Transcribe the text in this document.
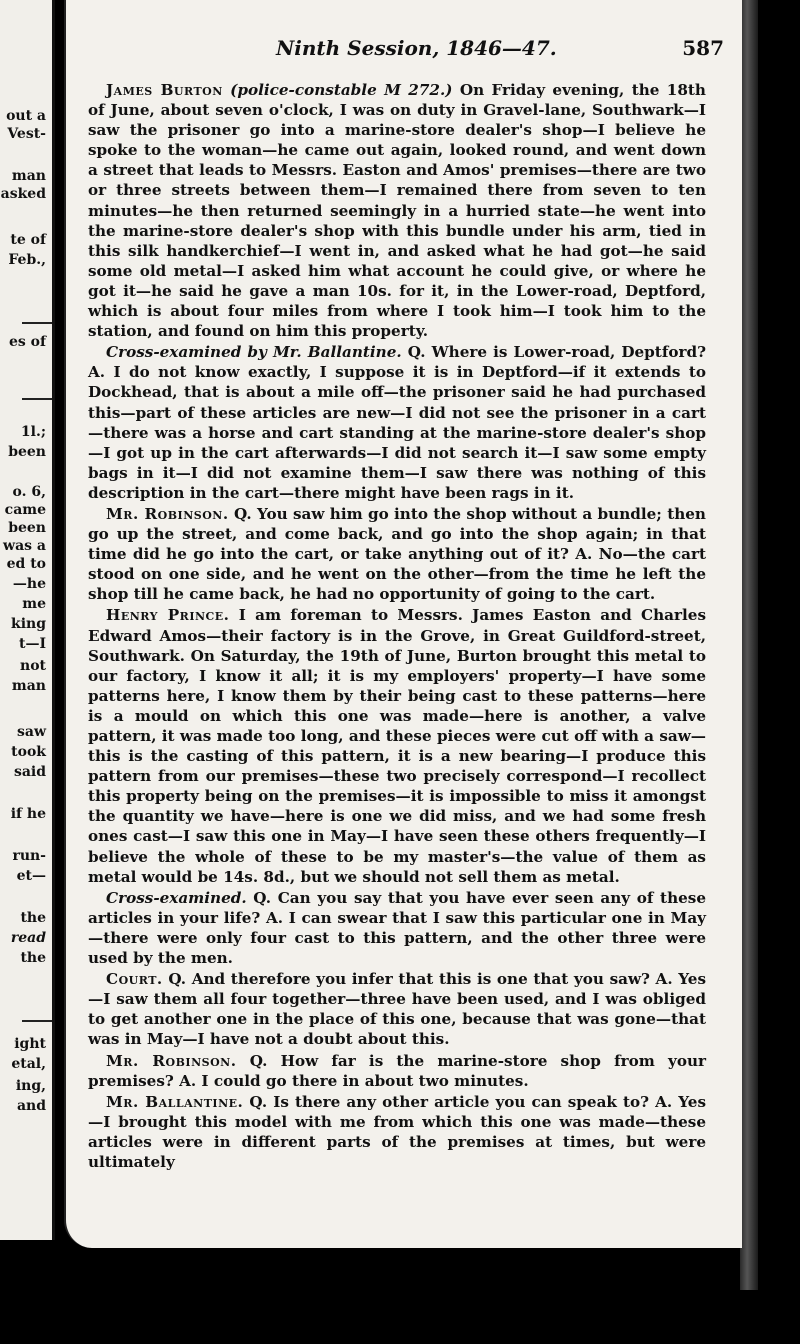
out a
Vest-
man
asked
te of
Feb.,
es of
1l.;
been
o. 6,
came
been
was a
ed to
—he
me
king
t—I
not
man
saw
took
said
if he
run-
et—
the
read
the
ight
etal,
ing,
and
Ninth Session, 1846—47.	587

James Burton (police-constable M 272.) On Friday evening, the 18th of June, about seven o'clock, I was on duty in Gravel-lane, Southwark—I saw the prisoner go into a marine-store dealer's shop—I believe he spoke to the woman—he came out again, looked round, and went down a street that leads to Messrs. Easton and Amos' premises—there are two or three streets between them—I remained there from seven to ten minutes—he then returned seemingly in a hurried state—he went into the marine-store dealer's shop with this bundle under his arm, tied in this silk handkerchief—I went in, and asked what he had got—he said some old metal—I asked him what account he could give, or where he got it—he said he gave a man 10s. for it, in the Lower-road, Deptford, which is about four miles from where I took him—I took him to the station, and found on him this property.

Cross-examined by Mr. Ballantine. Q. Where is Lower-road, Deptford? A. I do not know exactly, I suppose it is in Deptford—if it extends to Dockhead, that is about a mile off—the prisoner said he had purchased this—part of these articles are new—I did not see the prisoner in a cart—there was a horse and cart standing at the marine-store dealer's shop—I got up in the cart afterwards—I did not search it—I saw some empty bags in it—I did not examine them—I saw there was nothing of this description in the cart—there might have been rags in it.

Mr. Robinson. Q. You saw him go into the shop without a bundle; then go up the street, and come back, and go into the shop again; in that time did he go into the cart, or take anything out of it? A. No—the cart stood on one side, and he went on the other—from the time he left the shop till he came back, he had no opportunity of going to the cart.

Henry Prince. I am foreman to Messrs. James Easton and Charles Edward Amos—their factory is in the Grove, in Great Guildford-street, Southwark. On Saturday, the 19th of June, Burton brought this metal to our factory, I know it all; it is my employers' property—I have some patterns here, I know them by their being cast to these patterns—here is a mould on which this one was made—here is another, a valve pattern, it was made too long, and these pieces were cut off with a saw—this is the casting of this pattern, it is a new bearing—I produce this pattern from our premises—these two precisely correspond—I recollect this property being on the premises—it is impossible to miss it amongst the quantity we have—here is one we did miss, and we had some fresh ones cast—I saw this one in May—I have seen these others frequently—I believe the whole of these to be my master's—the value of them as metal would be 14s. 8d., but we should not sell them as metal.

Cross-examined. Q. Can you say that you have ever seen any of these articles in your life? A. I can swear that I saw this particular one in May—there were only four cast to this pattern, and the other three were used by the men.

Court. Q. And therefore you infer that this is one that you saw? A. Yes—I saw them all four together—three have been used, and I was obliged to get another one in the place of this one, because that was gone—that was in May—I have not a doubt about this.

Mr. Robinson. Q. How far is the marine-store shop from your premises? A. I could go there in about two minutes.

Mr. Ballantine. Q. Is there any other article you can speak to? A. Yes—I brought this model with me from which this one was made—these articles were in different parts of the premises at times, but were ultimately
